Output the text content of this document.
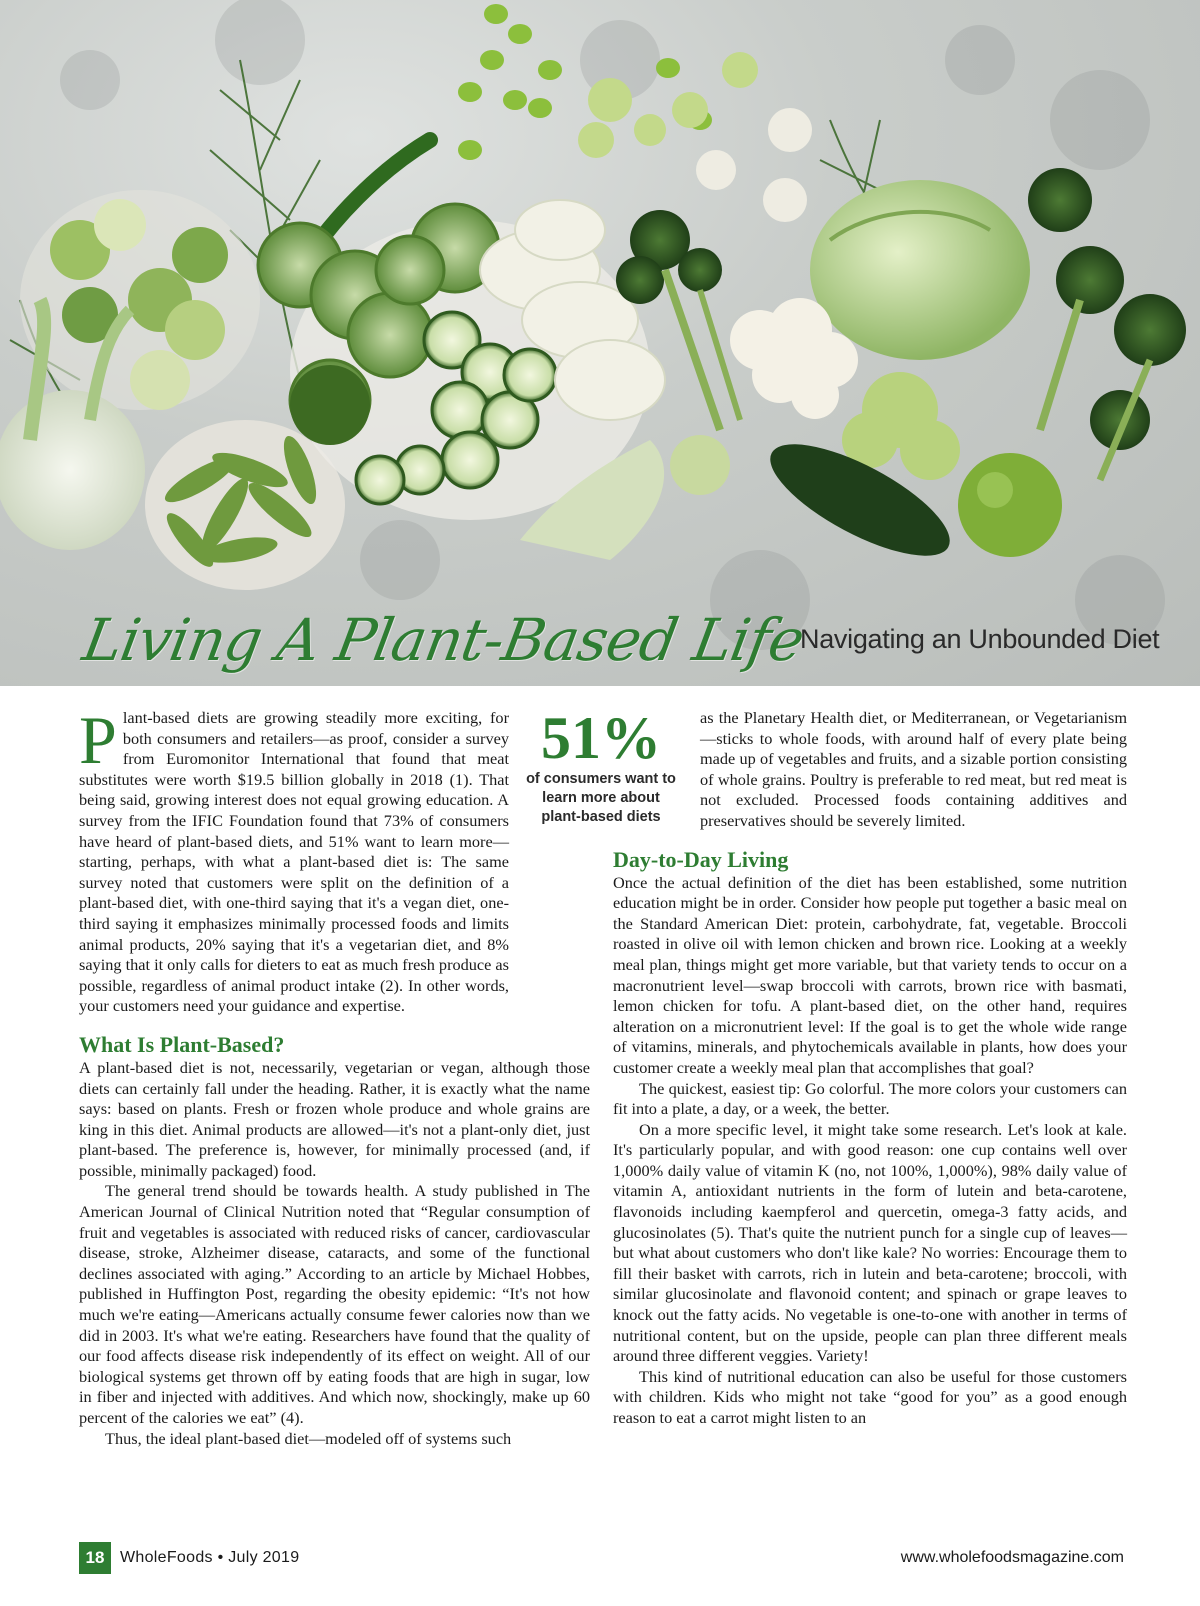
Living A Plant-Based Life
Navigating an Unbounded Diet
51%
of consumers want to learn more about plant-based diets
P lant-based diets are growing steadily more exciting, for both consumers and retailers—as proof, consider a survey from Euromonitor International that found that meat substitutes were worth $19.5 billion globally in 2018 (1). That being said, growing interest does not equal growing education. A survey from the IFIC Foundation found that 73% of consumers have heard of plant-based diets, and 51% want to learn more—starting, perhaps, with what a plant-based diet is: The same survey noted that customers were split on the definition of a plant-based diet, with one-third saying that it's a vegan diet, one-third saying it emphasizes minimally processed foods and limits animal products, 20% saying that it's a vegetarian diet, and 8% saying that it only calls for dieters to eat as much fresh produce as possible, regardless of animal product intake (2). In other words, your customers need your guidance and expertise.

What Is Plant-Based?

A plant-based diet is not, necessarily, vegetarian or vegan, although those diets can certainly fall under the heading. Rather, it is exactly what the name says: based on plants. Fresh or frozen whole produce and whole grains are king in this diet. Animal products are allowed—it's not a plant-only diet, just plant-based. The preference is, however, for minimally processed (and, if possible, minimally packaged) food.

The general trend should be towards health. A study published in The American Journal of Clinical Nutrition noted that “Regular consumption of fruit and vegetables is associated with reduced risks of cancer, cardiovascular disease, stroke, Alzheimer disease, cataracts, and some of the functional declines associated with aging.” According to an article by Michael Hobbes, published in Huffington Post, regarding the obesity epidemic: “It's not how much we're eating—Americans actually consume fewer calories now than we did in 2003. It's what we're eating. Researchers have found that the quality of our food affects disease risk independently of its effect on weight. All of our biological systems get thrown off by eating foods that are high in sugar, low in fiber and injected with additives. And which now, shockingly, make up 60 percent of the calories we eat” (4).

Thus, the ideal plant-based diet—modeled off of systems such

as the Planetary Health diet, or Mediterranean, or Vegetarianism—sticks to whole foods, with around half of every plate being made up of vegetables and fruits, and a sizable portion consisting of whole grains. Poultry is preferable to red meat, but red meat is not excluded. Processed foods containing additives and preservatives should be severely limited.

Day-to-Day Living

Once the actual definition of the diet has been established, some nutrition education might be in order. Consider how people put together a basic meal on the Standard American Diet: protein, carbohydrate, fat, vegetable. Broccoli roasted in olive oil with lemon chicken and brown rice. Looking at a weekly meal plan, things might get more variable, but that variety tends to occur on a macronutrient level—swap broccoli with carrots, brown rice with basmati, lemon chicken for tofu. A plant-based diet, on the other hand, requires alteration on a micronutrient level: If the goal is to get the whole wide range of vitamins, minerals, and phytochemicals available in plants, how does your customer create a weekly meal plan that accomplishes that goal?

The quickest, easiest tip: Go colorful. The more colors your customers can fit into a plate, a day, or a week, the better.

On a more specific level, it might take some research. Let's look at kale. It's particularly popular, and with good reason: one cup contains well over 1,000% daily value of vitamin K (no, not 100%, 1,000%), 98% daily value of vitamin A, antioxidant nutrients in the form of lutein and beta-carotene, flavonoids including kaempferol and quercetin, omega-3 fatty acids, and glucosinolates (5). That's quite the nutrient punch for a single cup of leaves—but what about customers who don't like kale? No worries: Encourage them to fill their basket with carrots, rich in lutein and beta-carotene; broccoli, with similar glucosinolate and flavonoid content; and spinach or grape leaves to knock out the fatty acids. No vegetable is one-to-one with another in terms of nutritional content, but on the upside, people can plan three different meals around three different veggies. Variety!

This kind of nutritional education can also be useful for those customers with children. Kids who might not take “good for you” as a good enough reason to eat a carrot might listen to an

18 WholeFoods • July 2019	www.wholefoodsmagazine.com
